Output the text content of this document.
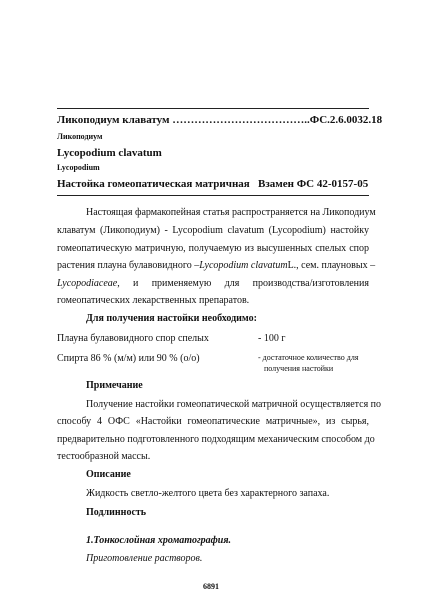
Ликоподиум клаватум ………………………………..ФС.2.6.0032.18
Ликоподиум
Lycopodium clavatum
Lycopodium
Настойка гомеопатическая матричная Взамен ФС 42-0157-05
Настоящая фармакопейная статья распространяется на Ликоподиум
клаватум (Ликоподиум) - Lycopodium clavatum (Lycopodium) настойку
гомеопатическую матричную, получаемую из высушенных спелых спор
растения плауна булавовидного – Lycopodium clavatum L., сем. плауновых –
Lycopodiaceae, и применяемую для производства/изготовления
гомеопатических лекарственных препаратов.
Для получения настойки необходимо:
Плауна булавовидного спор спелых	- 100 г
Спирта 86 % (м/м) или 90 % (о/о)	- достаточное количество для
получения настойки
Примечание
Получение настойки гомеопатической матричной осуществляется по
способу 4 ОФС «Настойки гомеопатические матричные», из сырья,
предварительно подготовленного подходящим механическим способом до
тестообразной массы.
Описание
Жидкость светло-желтого цвета без характерного запаха.
Подлинность
1.Тонкослойная хроматография.
Приготовление растворов.
6891
